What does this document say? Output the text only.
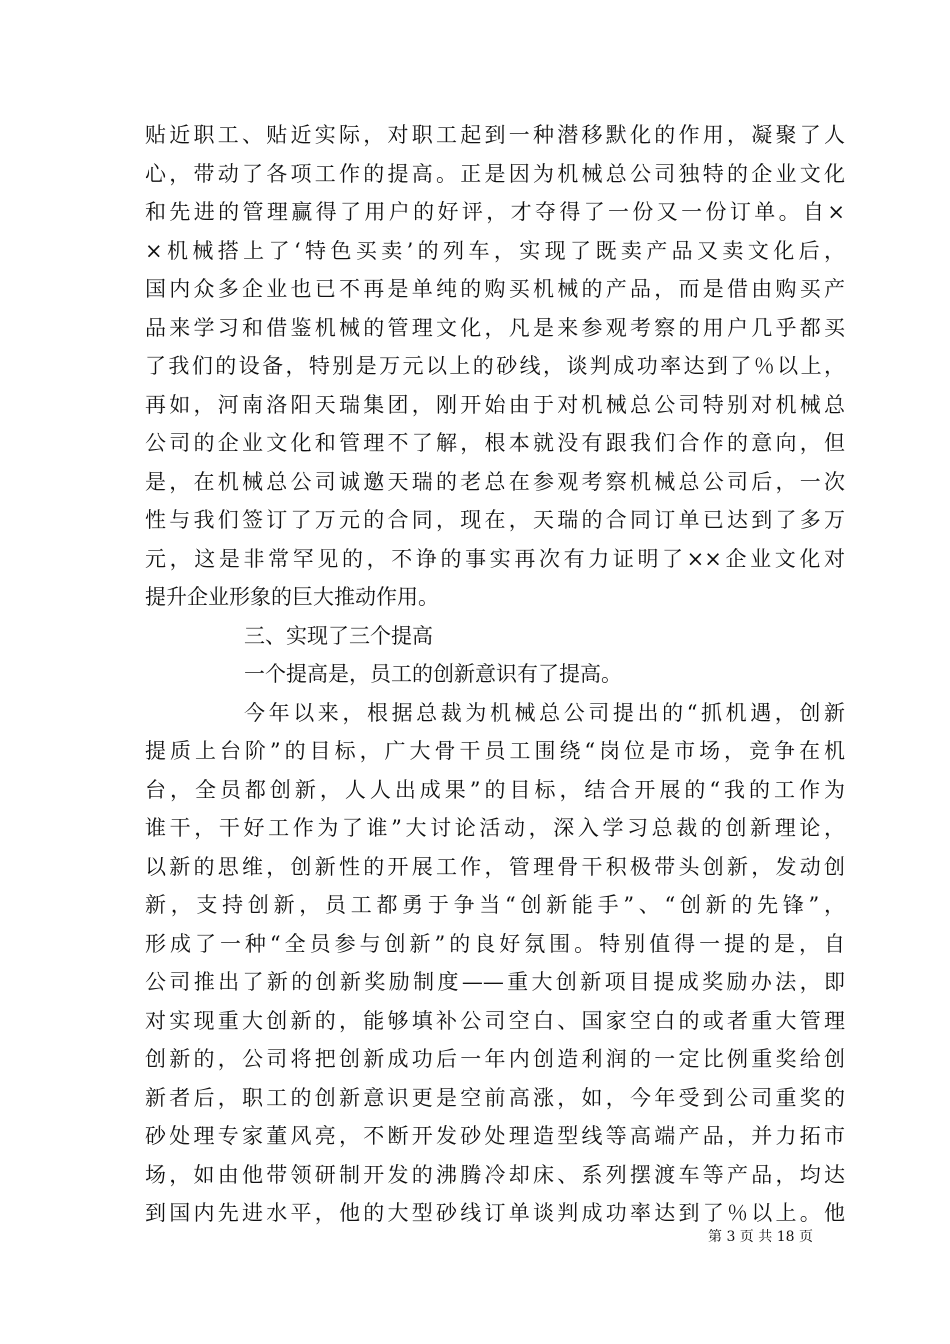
贴近职工、贴近实际，对职工起到一种潜移默化的作用，凝聚了人
心，带动了各项工作的提高。正是因为机械总公司独特的企业文化
和先进的管理赢得了用户的好评，才夺得了一份又一份订单。自×
×机械搭上了‘特色买卖’的列车，实现了既卖产品又卖文化后，
国内众多企业也已不再是单纯的购买机械的产品，而是借由购买产
品来学习和借鉴机械的管理文化，凡是来参观考察的用户几乎都买
了我们的设备，特别是万元以上的砂线，谈判成功率达到了％以上，
再如，河南洛阳天瑞集团，刚开始由于对机械总公司特别对机械总
公司的企业文化和管理不了解，根本就没有跟我们合作的意向，但
是，在机械总公司诚邀天瑞的老总在参观考察机械总公司后，一次
性与我们签订了万元的合同，现在，天瑞的合同订单已达到了多万
元，这是非常罕见的，不诤的事实再次有力证明了××企业文化对
提升企业形象的巨大推动作用。
三、实现了三个提高
一个提高是，员工的创新意识有了提高。
今年以来，根据总裁为机械总公司提出的“抓机遇，创新
提质上台阶”的目标，广大骨干员工围绕“岗位是市场，竞争在机
台，全员都创新，人人出成果”的目标，结合开展的“我的工作为
谁干，干好工作为了谁”大讨论活动，深入学习总裁的创新理论，
以新的思维，创新性的开展工作，管理骨干积极带头创新，发动创
新，支持创新，员工都勇于争当“创新能手”、“创新的先锋”，
形成了一种“全员参与创新”的良好氛围。特别值得一提的是，自
公司推出了新的创新奖励制度——重大创新项目提成奖励办法，即
对实现重大创新的，能够填补公司空白、国家空白的或者重大管理
创新的，公司将把创新成功后一年内创造利润的一定比例重奖给创
新者后，职工的创新意识更是空前高涨，如，今年受到公司重奖的
砂处理专家董风亮，不断开发砂处理造型线等高端产品，并力拓市
场，如由他带领研制开发的沸腾冷却床、系列摆渡车等产品，均达
到国内先进水平，他的大型砂线订单谈判成功率达到了％以上。他
第 3 页 共 18 页
